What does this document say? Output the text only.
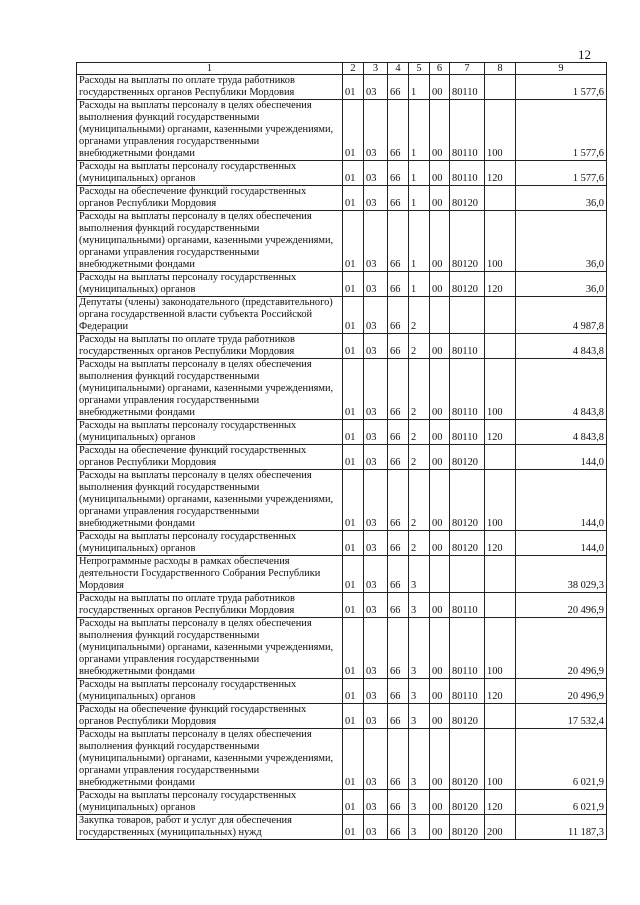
12
1	2	3	4	5	6	7	8	9
Расходы на выплаты по оплате труда работников
государственных органов Республики Мордовия	01	03	66	1	00	80110		1 577,6
Расходы на выплаты персоналу в целях обеспечения
выполнения функций государственными
(муниципальными) органами, казенными учреждениями,
органами управления государственными
внебюджетными фондами	01	03	66	1	00	80110	100	1 577,6
Расходы на выплаты персоналу государственных
(муниципальных) органов	01	03	66	1	00	80110	120	1 577,6
Расходы на обеспечение функций государственных
органов Республики Мордовия	01	03	66	1	00	80120		36,0
Расходы на выплаты персоналу в целях обеспечения
выполнения функций государственными
(муниципальными) органами, казенными учреждениями,
органами управления государственными
внебюджетными фондами	01	03	66	1	00	80120	100	36,0
Расходы на выплаты персоналу государственных
(муниципальных) органов	01	03	66	1	00	80120	120	36,0
Депутаты (члены) законодательного (представительного)
органа государственной власти субъекта Российской
Федерации	01	03	66	2				4 987,8
Расходы на выплаты по оплате труда работников
государственных органов Республики Мордовия	01	03	66	2	00	80110		4 843,8
Расходы на выплаты персоналу в целях обеспечения
выполнения функций государственными
(муниципальными) органами, казенными учреждениями,
органами управления государственными
внебюджетными фондами	01	03	66	2	00	80110	100	4 843,8
Расходы на выплаты персоналу государственных
(муниципальных) органов	01	03	66	2	00	80110	120	4 843,8
Расходы на обеспечение функций государственных
органов Республики Мордовия	01	03	66	2	00	80120		144,0
Расходы на выплаты персоналу в целях обеспечения
выполнения функций государственными
(муниципальными) органами, казенными учреждениями,
органами управления государственными
внебюджетными фондами	01	03	66	2	00	80120	100	144,0
Расходы на выплаты персоналу государственных
(муниципальных) органов	01	03	66	2	00	80120	120	144,0
Непрограммные расходы в рамках обеспечения
деятельности Государственного Собрания Республики
Мордовия	01	03	66	3				38 029,3
Расходы на выплаты по оплате труда работников
государственных органов Республики Мордовия	01	03	66	3	00	80110		20 496,9
Расходы на выплаты персоналу в целях обеспечения
выполнения функций государственными
(муниципальными) органами, казенными учреждениями,
органами управления государственными
внебюджетными фондами	01	03	66	3	00	80110	100	20 496,9
Расходы на выплаты персоналу государственных
(муниципальных) органов	01	03	66	3	00	80110	120	20 496,9
Расходы на обеспечение функций государственных
органов Республики Мордовия	01	03	66	3	00	80120		17 532,4
Расходы на выплаты персоналу в целях обеспечения
выполнения функций государственными
(муниципальными) органами, казенными учреждениями,
органами управления государственными
внебюджетными фондами	01	03	66	3	00	80120	100	6 021,9
Расходы на выплаты персоналу государственных
(муниципальных) органов	01	03	66	3	00	80120	120	6 021,9
Закупка товаров, работ и услуг для обеспечения
государственных (муниципальных) нужд	01	03	66	3	00	80120	200	11 187,3
